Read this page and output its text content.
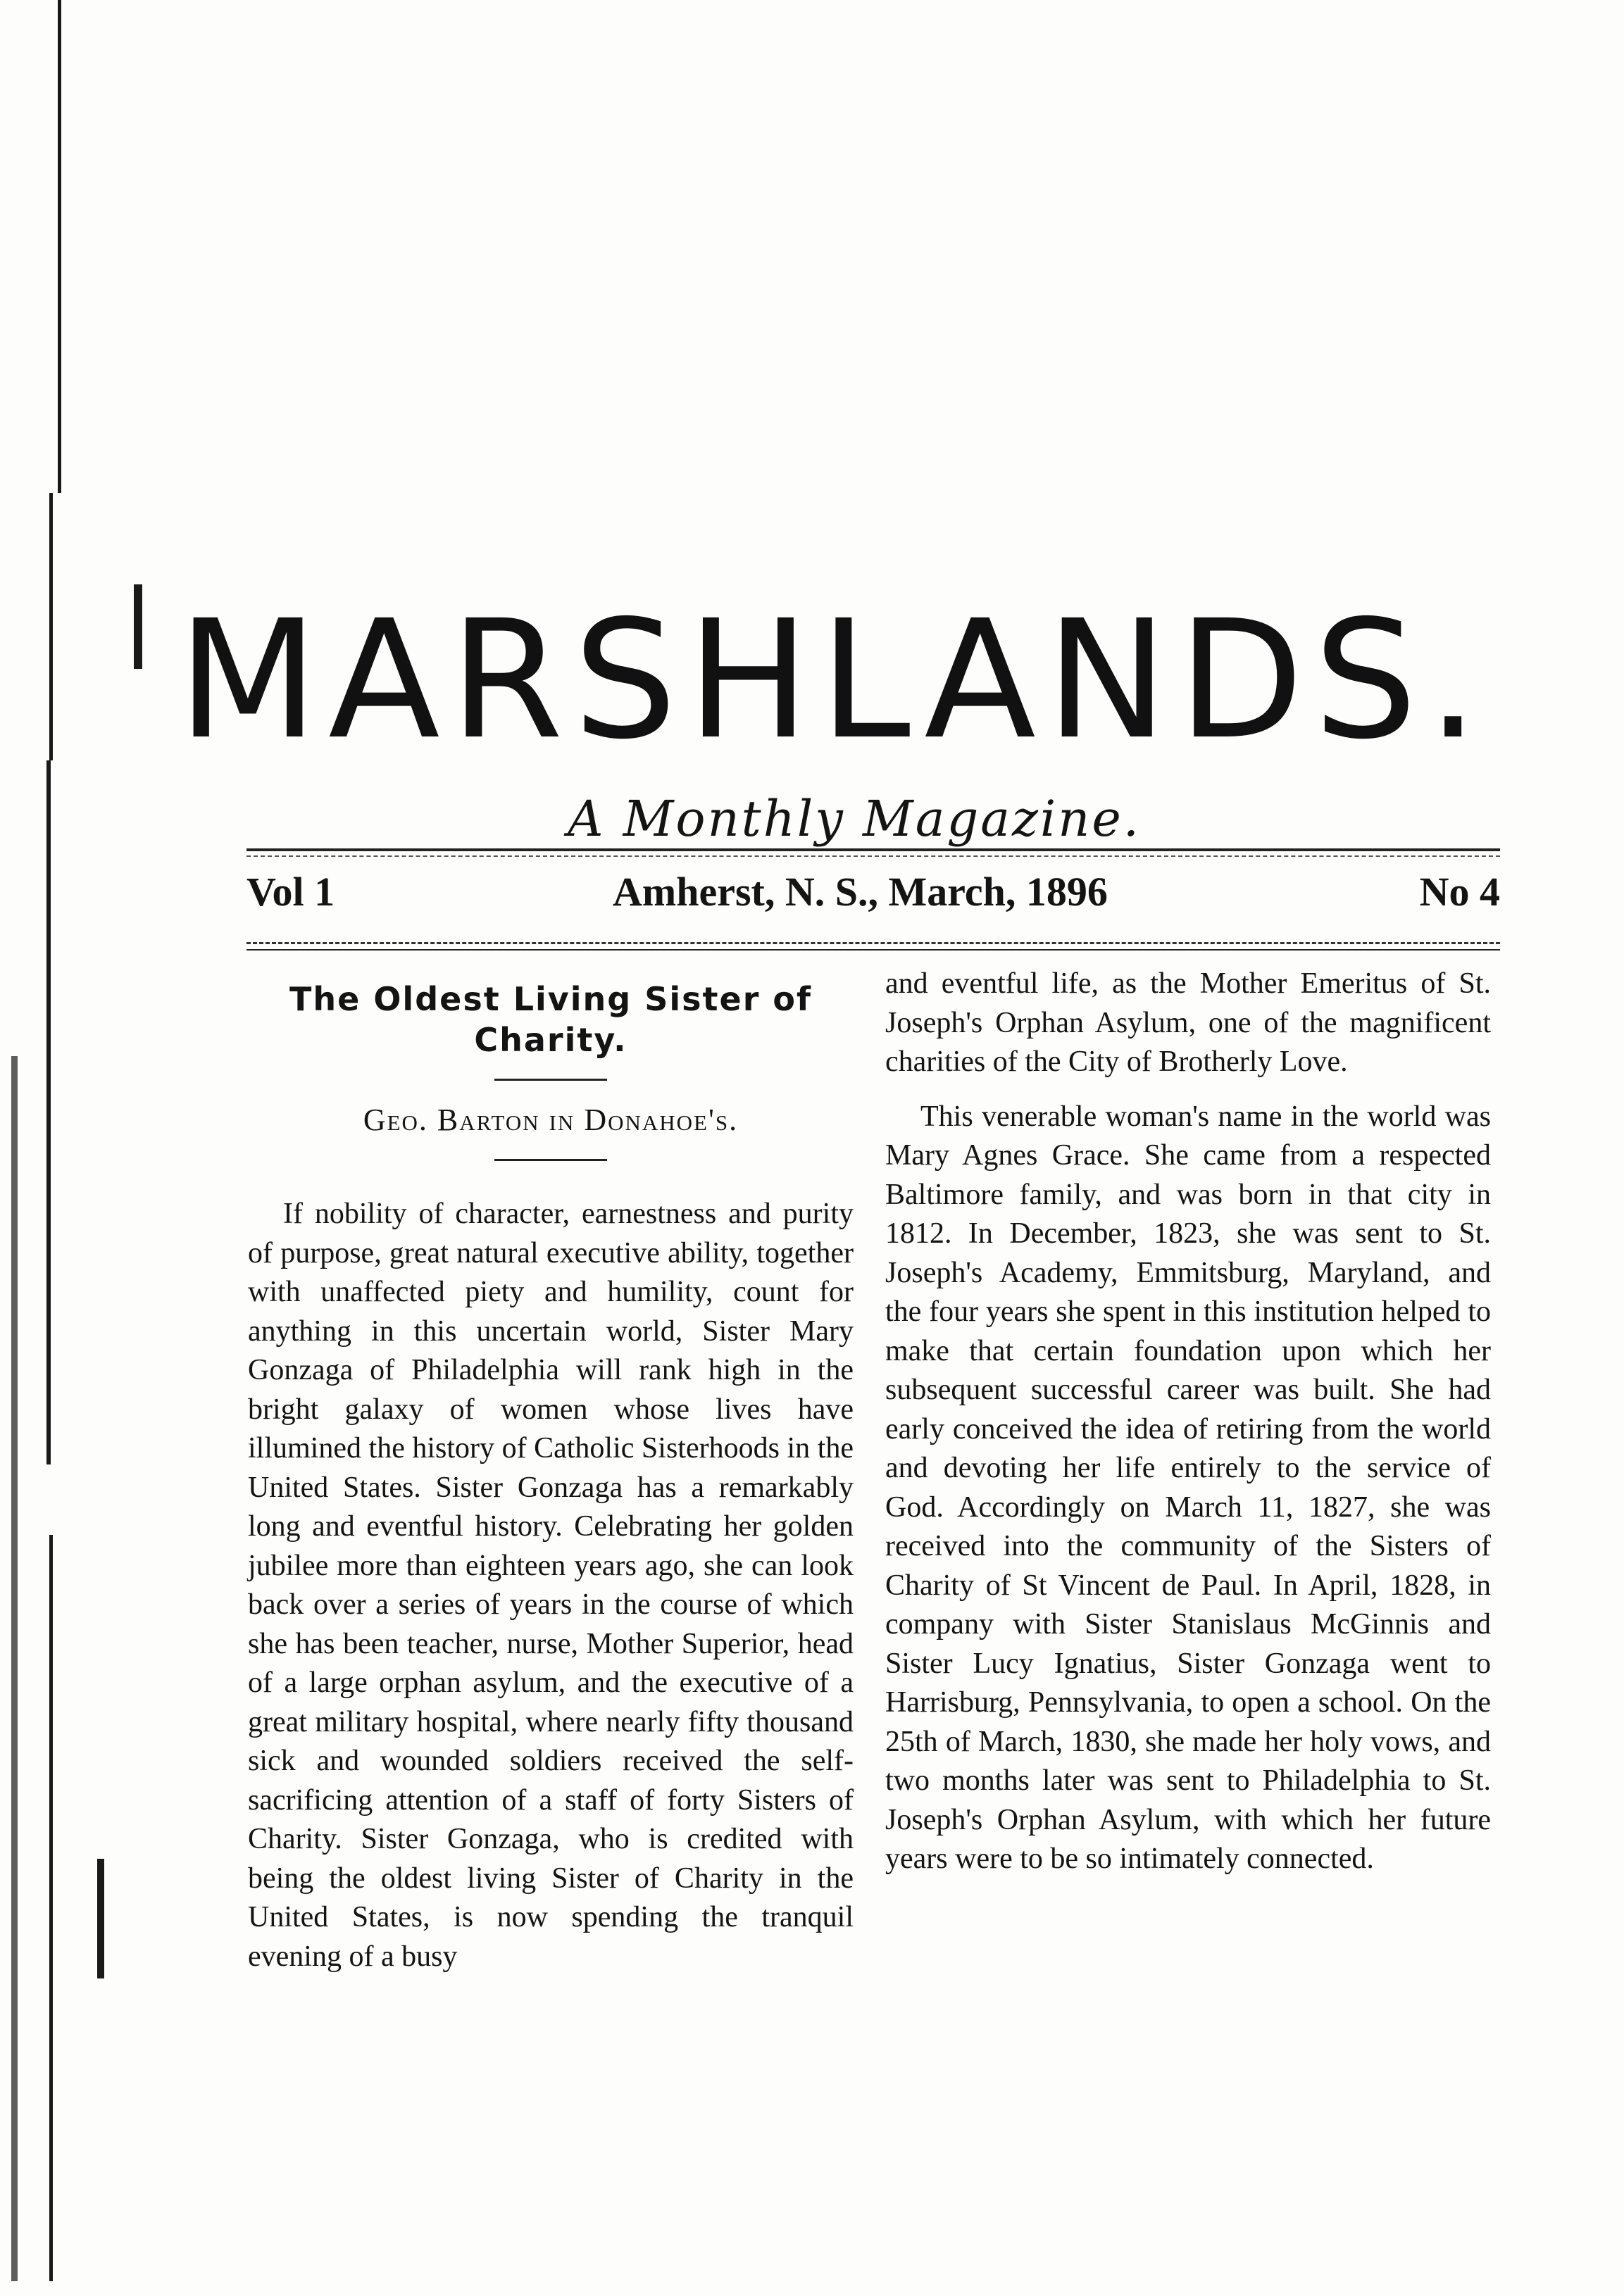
MARSHLANDS.
A Monthly Magazine.
Vol 1	Amherst, N. S., March, 1896	No 4
The Oldest Living Sister of Charity.
Geo. Barton in Donahoe's.

If nobility of character, earnestness and purity of purpose, great natural executive ability, together with unaffected piety and humility, count for anything in this uncertain world, Sister Mary Gonzaga of Philadelphia will rank high in the bright galaxy of women whose lives have illumined the history of Catholic Sisterhoods in the United States. Sister Gonzaga has a remarkably long and eventful history. Celebrating her golden jubilee more than eighteen years ago, she can look back over a series of years in the course of which she has been teacher, nurse, Mother Superior, head of a large orphan asylum, and the executive of a great military hospital, where nearly fifty thousand sick and wounded soldiers received the self-sacrificing attention of a staff of forty Sisters of Charity. Sister Gonzaga, who is credited with being the oldest living Sister of Charity in the United States, is now spending the tranquil evening of a busy

and eventful life, as the Mother Emeritus of St. Joseph's Orphan Asylum, one of the magnificent charities of the City of Brotherly Love.

This venerable woman's name in the world was Mary Agnes Grace. She came from a respected Baltimore family, and was born in that city in 1812. In December, 1823, she was sent to St. Joseph's Academy, Emmitsburg, Maryland, and the four years she spent in this institution helped to make that certain foundation upon which her subsequent successful career was built. She had early conceived the idea of retiring from the world and devoting her life entirely to the service of God. Accordingly on March 11, 1827, she was received into the community of the Sisters of Charity of St Vincent de Paul. In April, 1828, in company with Sister Stanislaus McGinnis and Sister Lucy Ignatius, Sister Gonzaga went to Harrisburg, Pennsylvania, to open a school. On the 25th of March, 1830, she made her holy vows, and two months later was sent to Philadelphia to St. Joseph's Orphan Asylum, with which her future years were to be so intimately connected.
